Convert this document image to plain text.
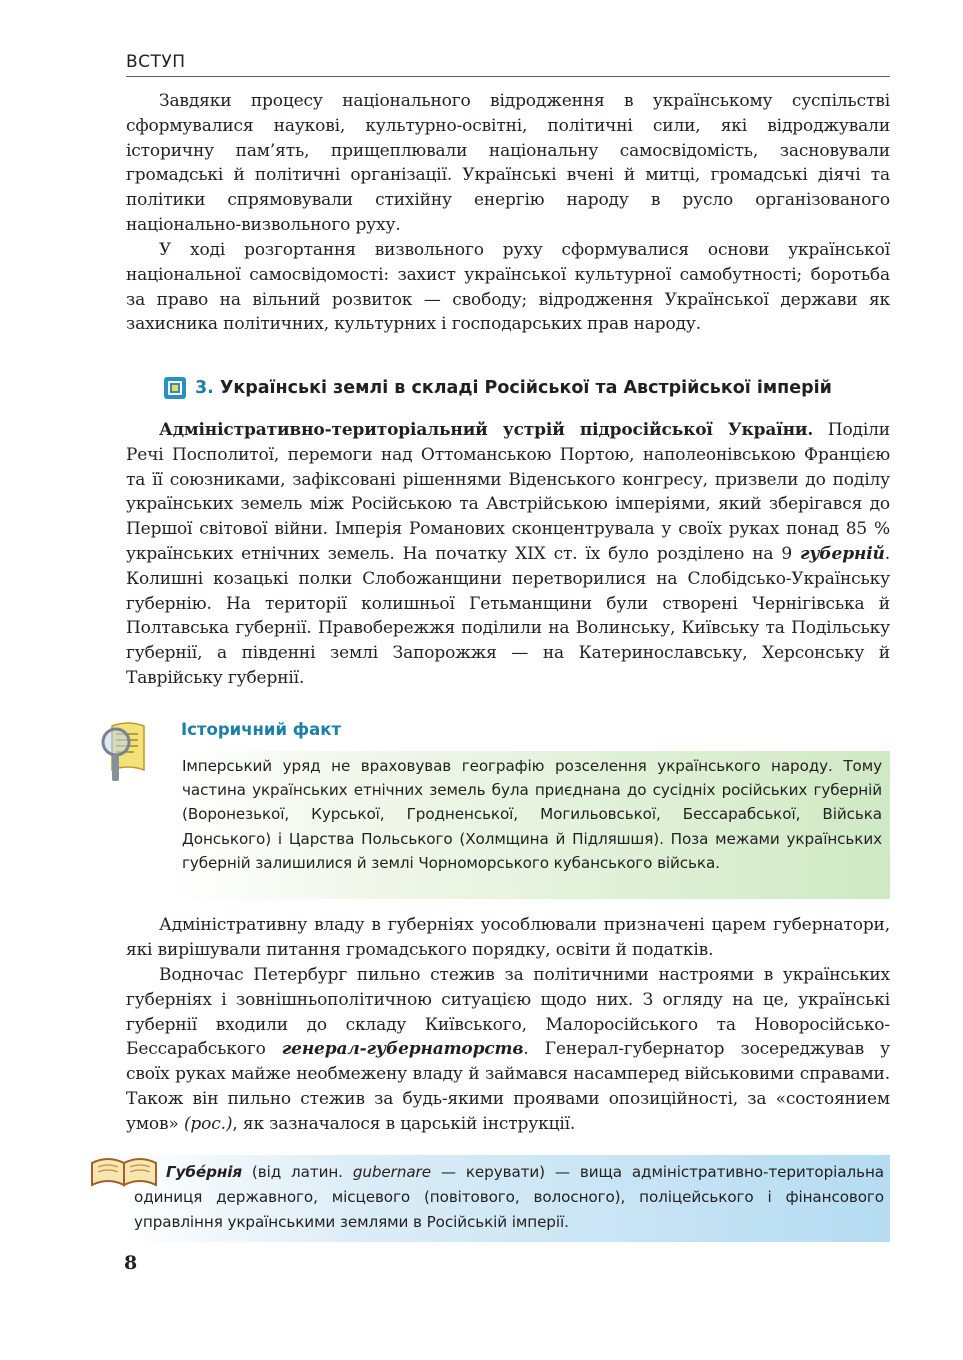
ВСТУП

Завдяки процесу національного відродження в українському суспільстві сформувалися наукові, культурно-освітні, політичні сили, які відроджували історичну пам’ять, прищеплювали національну самосвідомість, засновували громадські й політичні організації. Українські вчені й митці, громадські діячі та політики спрямовували стихійну енергію народу в русло організованого національно-визвольного руху.

У ході розгортання визвольного руху сформувалися основи української національної самосвідомості: захист української культурної самобутності; боротьба за право на вільний розвиток — свободу; відродження Української держави як захисника політичних, культурних і господарських прав народу.

3. Українські землі в складі Російської та Австрійської імперій

Адміністративно-територіальний устрій підросійської України. Поділи Речі Посполитої, перемоги над Оттоманською Портою, наполеонівською Францією та її союзниками, зафіксовані рішеннями Віденського конгресу, призвели до поділу українських земель між Російською та Австрійською імперіями, який зберігався до Першої світової війни. Імперія Романових сконцентрувала у своїх руках понад 85 % українських етнічних земель. На початку XIX ст. їх було розділено на 9 губерній. Колишні козацькі полки Слобожанщини перетворилися на Слобідсько-Українську губернію. На території колишньої Гетьманщини були створені Чернігівська й Полтавська губернії. Правобережжя поділили на Волинську, Київську та Подільську губернії, а південні землі Запорожжя — на Катеринославську, Херсонську й Таврійську губернії.

Історичний факт

Імперський уряд не враховував географію розселення українського народу. Тому частина українських етнічних земель була приєднана до сусідніх російських губерній (Воронезької, Курської, Гродненської, Могильовської, Бессарабської, Війська Донського) і Царства Польського (Холмщина й Підляшшя). Поза межами українських губерній залишилися й землі Чорноморського кубанського війська.

Адміністративну владу в губерніях уособлювали призначені царем губернатори, які вирішували питання громадського порядку, освіти й податків.

Водночас Петербург пильно стежив за політичними настроями в українських губерніях і зовнішньополітичною ситуацією щодо них. З огляду на це, українські губернії входили до складу Київського, Малоросійського та Новоросійсько-Бессарабського генерал-губернаторств. Генерал-губернатор зосереджував у своїх руках майже необмежену владу й займався насамперед військовими справами. Також він пильно стежив за будь-якими проявами опозиційності, за «состоянием умов» (рос.), як зазначалося в царській інструкції.

Губéрнія (від латин. gubernare — керувати) — вища адміністративно-територіальна одиниця державного, місцевого (повітового, волосного), поліцейського і фінансового управління українськими землями в Російській імперії.

8
